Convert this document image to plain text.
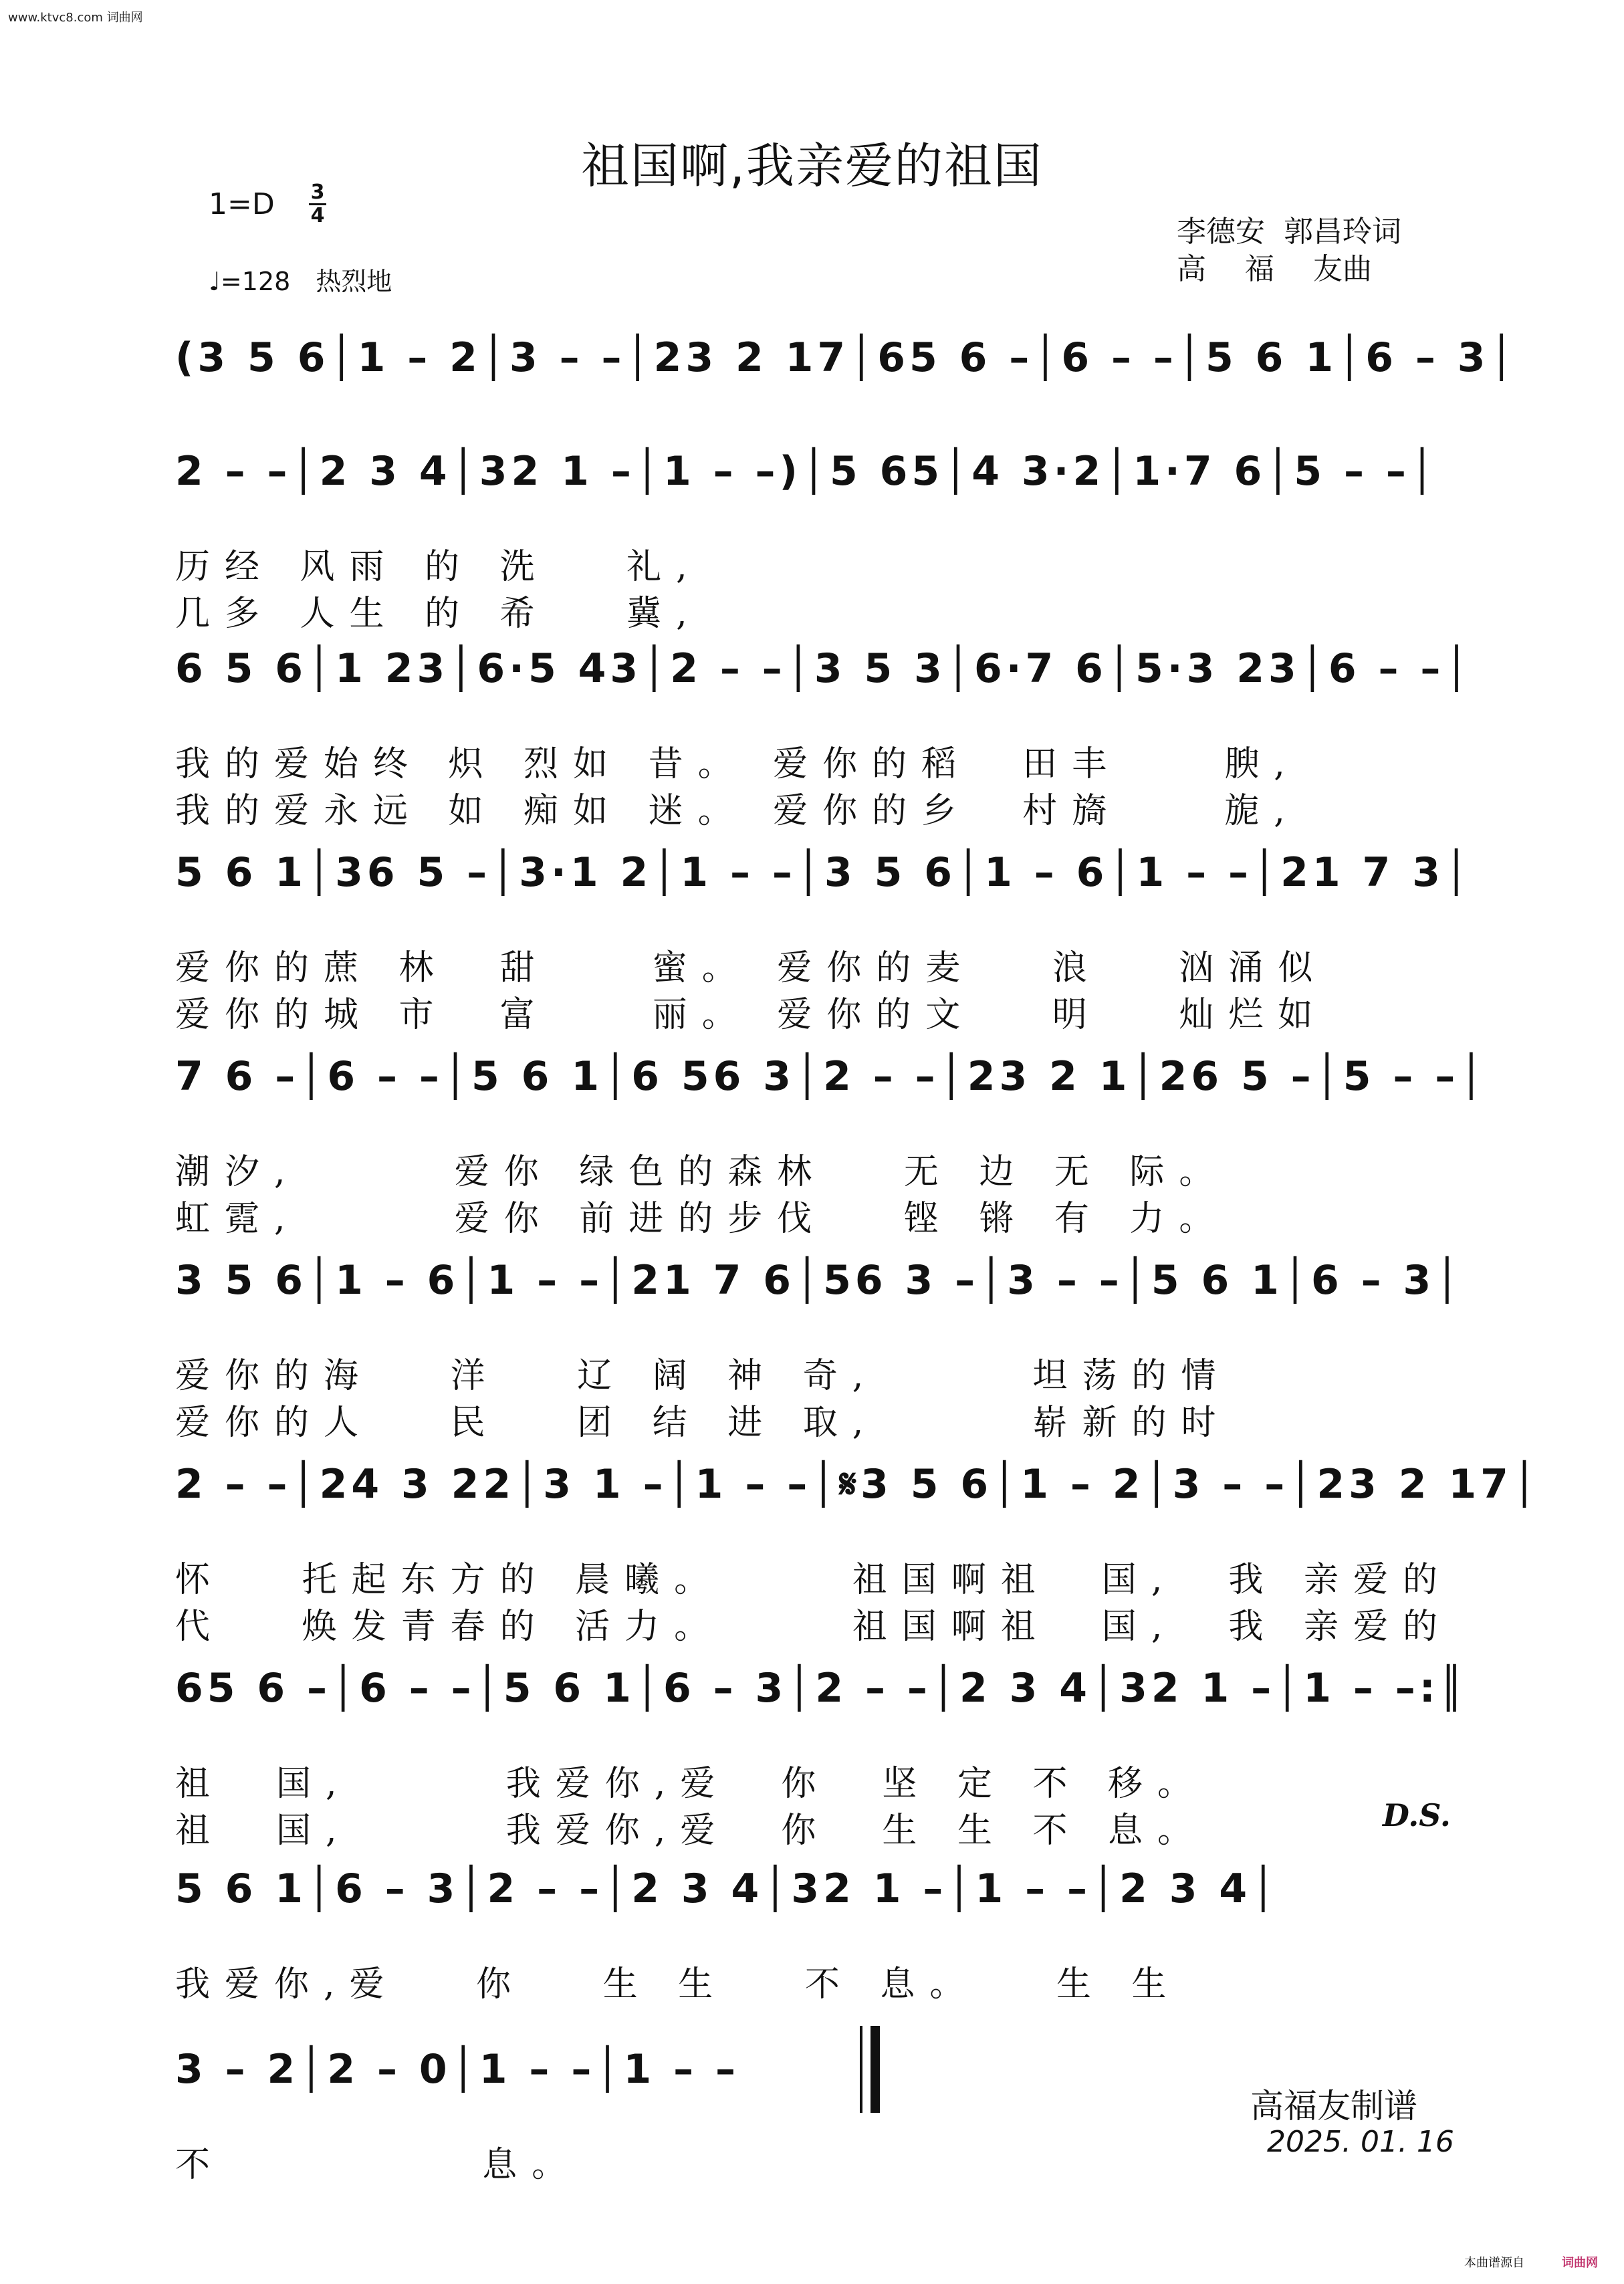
www.ktvc8.com 词曲网
祖国啊,我亲爱的祖国
1=D 3
4
♩=128　热烈地
李德安  郭昌玲词
高　 福　 友曲
(3 5 6│1 – 2│3 – –│23 2 17│65 6 –│6 – –│5 6 1│6 – 3│
2 – –│2 3 4│32 1 –│1 – –)│5 65│4 3·2│1·7 6│5 – –│
历经 风雨 的 洗   礼,
几多 人生 的 希   冀,
6 5 6│1 23│6·5 43│2 – –│3 5 3│6·7 6│5·3 23│6 – –│
我的爱始终 炽 烈如 昔。 爱你的稻  田丰    腴,
我的爱永远 如 痴如 迷。 爱你的乡  村旖    旎,
5 6 1│36 5 –│3·1 2│1 – –│3 5 6│1 – 6│1 – –│21 7 3│
爱你的蔗 林  甜    蜜。 爱你的麦   浪   汹涌似
爱你的城 市  富    丽。 爱你的文   明   灿烂如
7 6 –│6 – –│5 6 1│6 56 3│2 – –│23 2 1│26 5 –│5 – –│
潮汐,      爱你 绿色的森林   无 边 无 际。
虹霓,      爱你 前进的步伐   铿 锵 有 力。
3 5 6│1 – 6│1 – –│21 7 6│56 3 –│3 – –│5 6 1│6 – 3│
爱你的海   洋   辽 阔 神 奇,      坦荡的情
爱你的人   民   团 结 进 取,      崭新的时
2 – –│24 3 22│3 1 –│1 – –│𝄋3 5 6│1 – 2│3 – –│23 2 17│
怀   托起东方的 晨曦。     祖国啊祖  国,  我 亲爱的
代   焕发青春的 活力。     祖国啊祖  国,  我 亲爱的
65 6 –│6 – –│5 6 1│6 – 3│2 – –│2 3 4│32 1 –│1 – –:║
祖  国,      我爱你,爱  你  坚 定 不 移。
祖  国,      我爱你,爱  你  生 生 不 息。
5 6 1│6 – 3│2 – –│2 3 4│32 1 –│1 – –│2 3 4│
我爱你,爱   你   生 生   不 息。   生 生
3 – 2│2 – 0│1 – –│1 – –
不          息。
D.S.
高福友制谱
2025. 01. 16
本曲谱源自	词曲网
